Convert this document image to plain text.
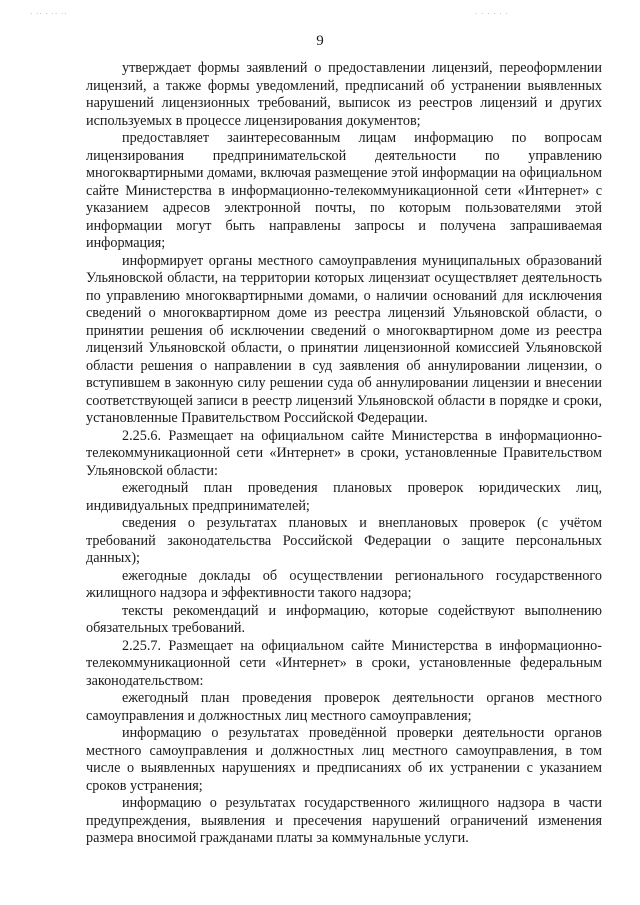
· ·· · ·· ··	· · · · · ·
9

утверждает формы заявлений о предоставлении лицензий, переоформлении лицензий, а также формы уведомлений, предписаний об устранении выявленных нарушений лицензионных требований, выписок из реестров лицензий и других используемых в процессе лицензирования документов;

предоставляет заинтересованным лицам информацию по вопросам лицензирования предпринимательской деятельности по управлению многоквартирными домами, включая размещение этой информации на официальном сайте Министерства в информационно-телекоммуникационной сети «Интернет» с указанием адресов электронной почты, по которым пользователями этой информации могут быть направлены запросы и получена запрашиваемая информация;

информирует органы местного самоуправления муниципальных образований Ульяновской области, на территории которых лицензиат осуществляет деятельность по управлению многоквартирными домами, о наличии оснований для исключения сведений о многоквартирном доме из реестра лицензий Ульяновской области, о принятии решения об исключении сведений о многоквартирном доме из реестра лицензий Ульяновской области, о принятии лицензионной комиссией Ульяновской области решения о направлении в суд заявления об аннулировании лицензии, о вступившем в законную силу решении суда об аннулировании лицензии и внесении соответствующей записи в реестр лицензий Ульяновской области в порядке и сроки, установленные Правительством Российской Федерации.

2.25.6. Размещает на официальном сайте Министерства в информационно-телекоммуникационной сети «Интернет» в сроки, установленные Правительством Ульяновской области:

ежегодный план проведения плановых проверок юридических лиц, индивидуальных предпринимателей;

сведения о результатах плановых и внеплановых проверок (с учётом требований законодательства Российской Федерации о защите персональных данных);

ежегодные доклады об осуществлении регионального государственного жилищного надзора и эффективности такого надзора;

тексты рекомендаций и информацию, которые содействуют выполнению обязательных требований.

2.25.7. Размещает на официальном сайте Министерства в информационно-телекоммуникационной сети «Интернет» в сроки, установленные федеральным законодательством:

ежегодный план проведения проверок деятельности органов местного самоуправления и должностных лиц местного самоуправления;

информацию о результатах проведённой проверки деятельности органов местного самоуправления и должностных лиц местного самоуправления, в том числе о выявленных нарушениях и предписаниях об их устранении с указанием сроков устранения;

информацию о результатах государственного жилищного надзора в части предупреждения, выявления и пресечения нарушений ограничений изменения размера вносимой гражданами платы за коммунальные услуги.
